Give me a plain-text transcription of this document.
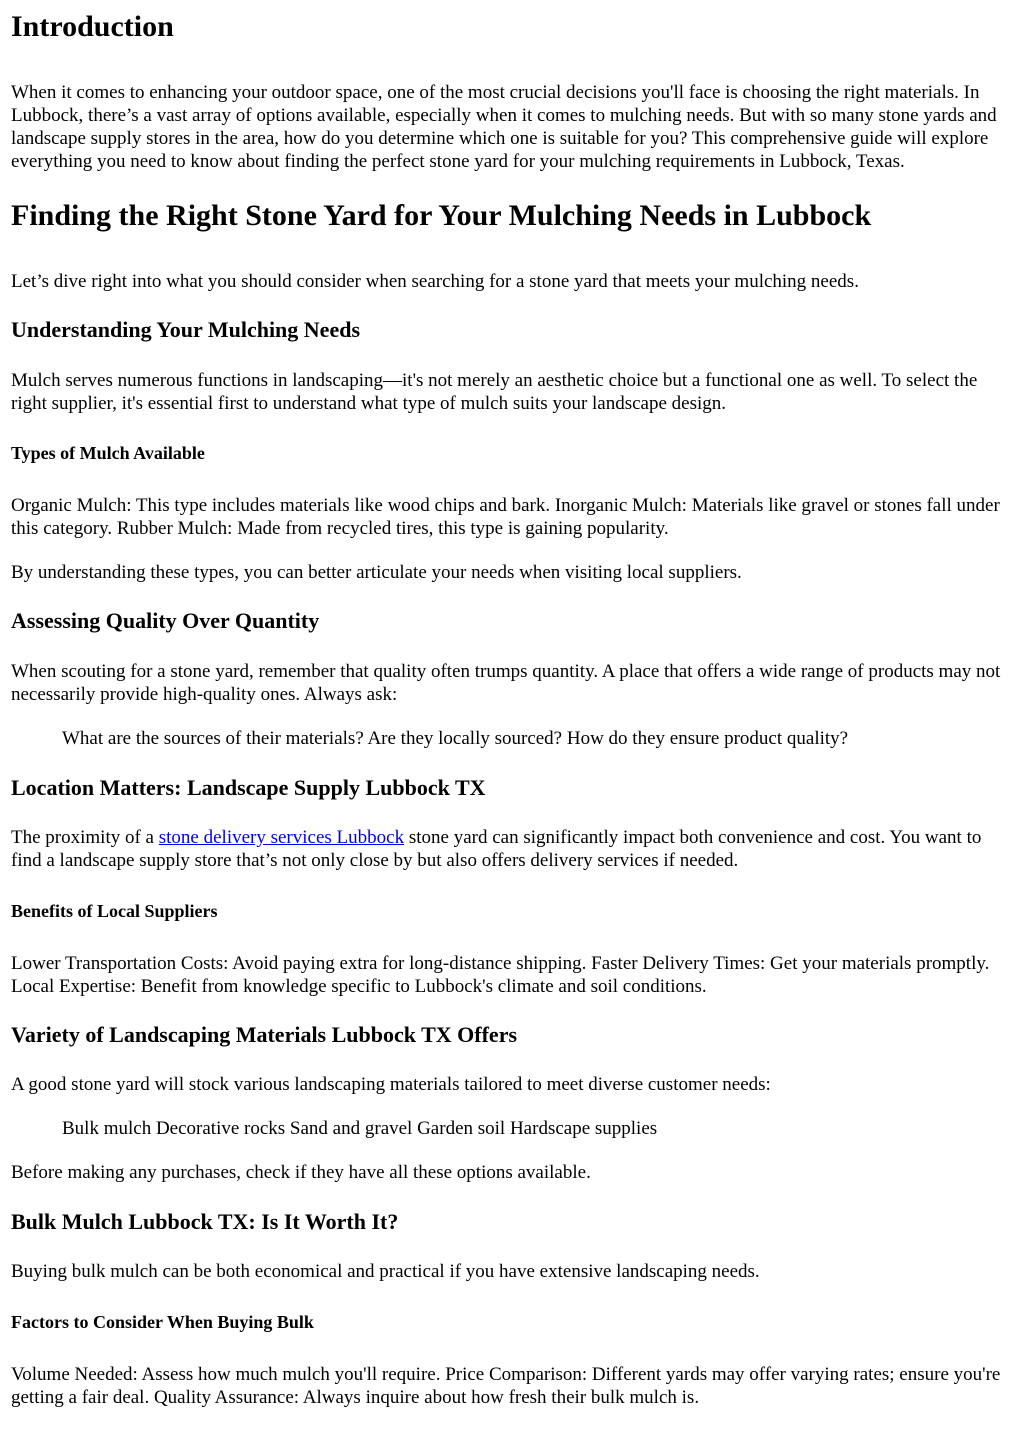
Introduction

When it comes to enhancing your outdoor space, one of the most crucial decisions you'll face is choosing the right materials. In Lubbock, there’s a vast array of options available, especially when it comes to mulching needs. But with so many stone yards and landscape supply stores in the area, how do you determine which one is suitable for you? This comprehensive guide will explore everything you need to know about finding the perfect stone yard for your mulching requirements in Lubbock, Texas.

Finding the Right Stone Yard for Your Mulching Needs in Lubbock

Let’s dive right into what you should consider when searching for a stone yard that meets your mulching needs.

Understanding Your Mulching Needs

Mulch serves numerous functions in landscaping—it's not merely an aesthetic choice but a functional one as well. To select the right supplier, it's essential first to understand what type of mulch suits your landscape design.

Types of Mulch Available

Organic Mulch: This type includes materials like wood chips and bark. Inorganic Mulch: Materials like gravel or stones fall under this category. Rubber Mulch: Made from recycled tires, this type is gaining popularity.

By understanding these types, you can better articulate your needs when visiting local suppliers.

Assessing Quality Over Quantity

When scouting for a stone yard, remember that quality often trumps quantity. A place that offers a wide range of products may not necessarily provide high-quality ones. Always ask:

What are the sources of their materials? Are they locally sourced? How do they ensure product quality?
Location Matters: Landscape Supply Lubbock TX

The proximity of a stone delivery services Lubbock stone yard can significantly impact both convenience and cost. You want to find a landscape supply store that’s not only close by but also offers delivery services if needed.

Benefits of Local Suppliers

Lower Transportation Costs: Avoid paying extra for long-distance shipping. Faster Delivery Times: Get your materials promptly. Local Expertise: Benefit from knowledge specific to Lubbock's climate and soil conditions.

Variety of Landscaping Materials Lubbock TX Offers

A good stone yard will stock various landscaping materials tailored to meet diverse customer needs:

Bulk mulch Decorative rocks Sand and gravel Garden soil Hardscape supplies

Before making any purchases, check if they have all these options available.

Bulk Mulch Lubbock TX: Is It Worth It?

Buying bulk mulch can be both economical and practical if you have extensive landscaping needs.

Factors to Consider When Buying Bulk

Volume Needed: Assess how much mulch you'll require. Price Comparison: Different yards may offer varying rates; ensure you're getting a fair deal. Quality Assurance: Always inquire about how fresh their bulk mulch is.
